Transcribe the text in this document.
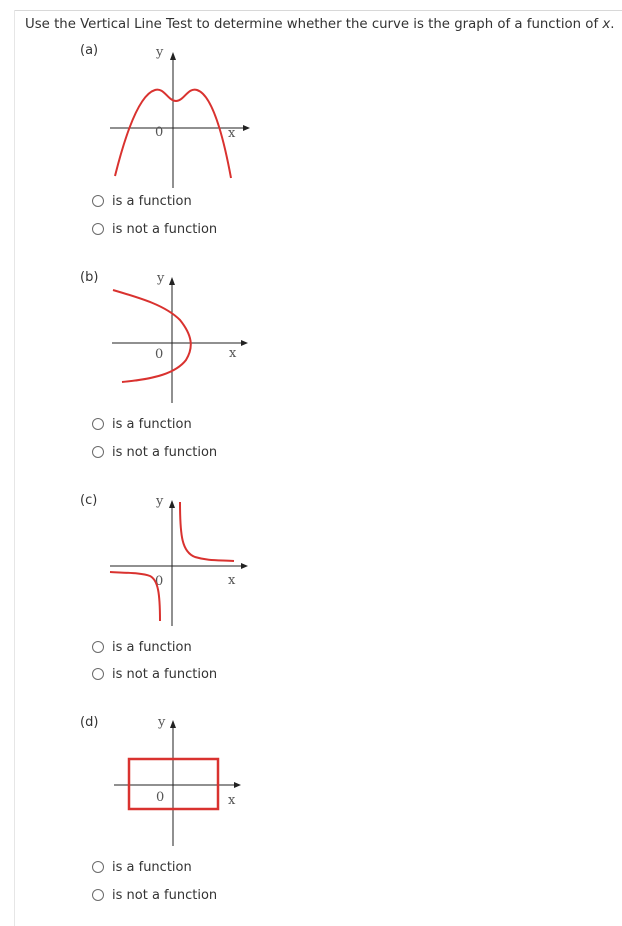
Use the Vertical Line Test to determine whether the curve is the graph of a function of x.
(a)	y
x
0
is a function
is not a function
(b)	y
x
0
is a function
is not a function
(c)	y
x
0
is a function
is not a function
(d)	y
x
0
is a function
is not a function
